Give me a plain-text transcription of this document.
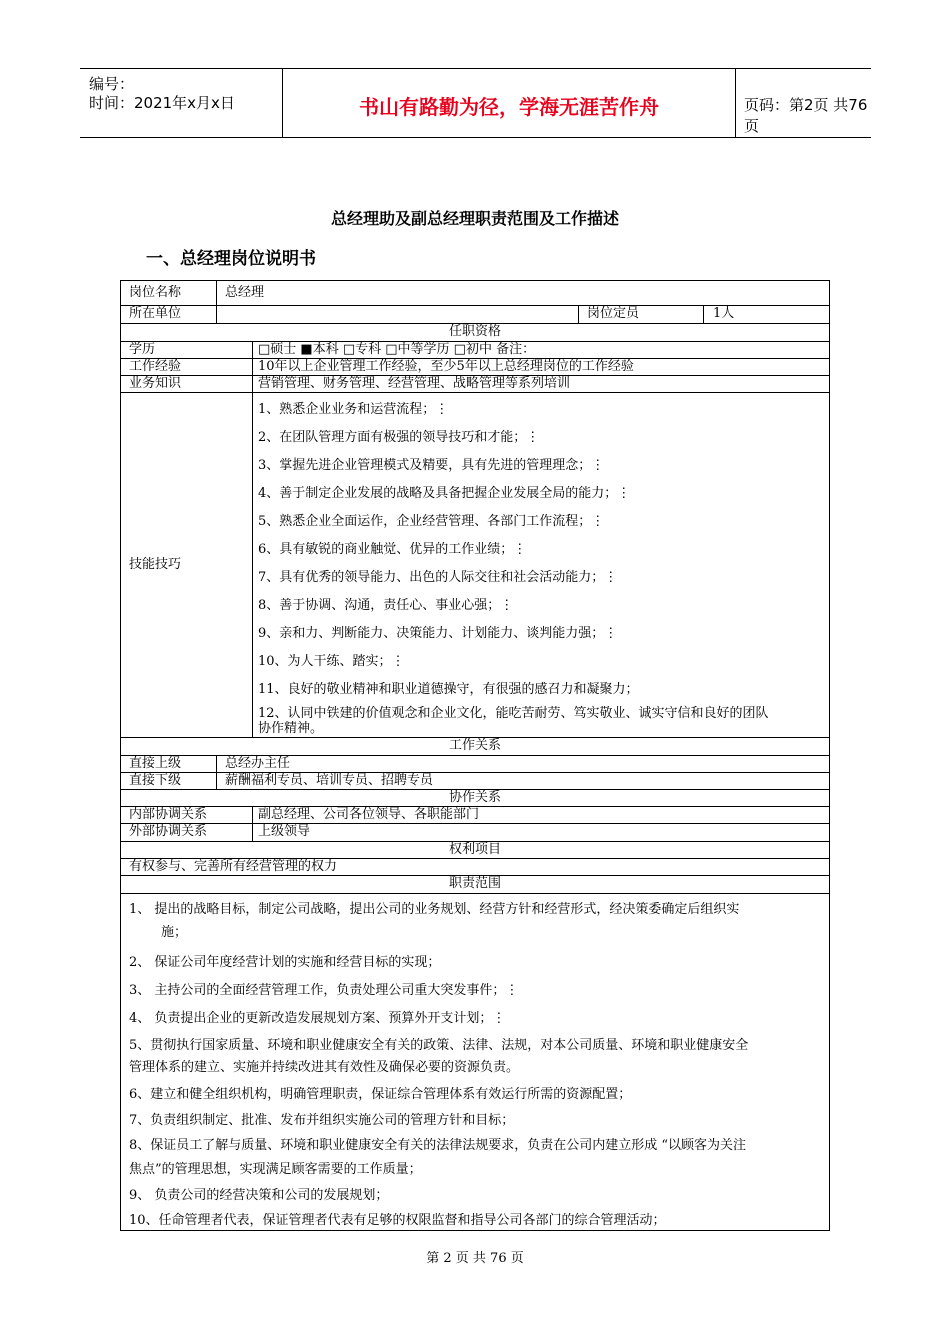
编号：
时间：2021年x月x日	书山有路勤为径，学海无涯苦作舟	页码：第2页 共76页
总经理助及副总经理职责范围及工作描述
一、总经理岗位说明书
岗位名称	总经理
所在单位	岗位定员	1人
任职资格
学历	□硕士 ■本科 □专科 □中等学历 □初中 备注：
工作经验	10年以上企业管理工作经验，至少5年以上总经理岗位的工作经验
业务知识	营销管理、财务管理、经营管理、战略管理等系列培训
技能技巧
1、熟悉企业业务和运营流程；⋮
2、在团队管理方面有极强的领导技巧和才能；⋮
3、掌握先进企业管理模式及精要，具有先进的管理理念；⋮
4、善于制定企业发展的战略及具备把握企业发展全局的能力；⋮
5、熟悉企业全面运作，企业经营管理、各部门工作流程；⋮
6、具有敏锐的商业触觉、优异的工作业绩；⋮
7、具有优秀的领导能力、出色的人际交往和社会活动能力；⋮
8、善于协调、沟通，责任心、事业心强；⋮
9、亲和力、判断能力、决策能力、计划能力、谈判能力强；⋮
10、为人干练、踏实；⋮
11、良好的敬业精神和职业道德操守，有很强的感召力和凝聚力；
12、认同中铁建的价值观念和企业文化，能吃苦耐劳、笃实敬业、诚实守信和良好的团队
协作精神。
工作关系
直接上级	总经办主任
直接下级	薪酬福利专员、培训专员、招聘专员
协作关系
内部协调关系	副总经理、公司各位领导、各职能部门
外部协调关系	上级领导
权利项目
有权参与、完善所有经营管理的权力
职责范围
1、 提出的战略目标，制定公司战略，提出公司的业务规划、经营方针和经营形式，经决策委确定后组织实
施；
2、 保证公司年度经营计划的实施和经营目标的实现；
3、 主持公司的全面经营管理工作，负责处理公司重大突发事件；⋮
4、 负责提出企业的更新改造发展规划方案、预算外开支计划；⋮
5、贯彻执行国家质量、环境和职业健康安全有关的政策、法律、法规，对本公司质量、环境和职业健康安全
管理体系的建立、实施并持续改进其有效性及确保必要的资源负责。
6、建立和健全组织机构，明确管理职责，保证综合管理体系有效运行所需的资源配置；
7、负责组织制定、批准、发布并组织实施公司的管理方针和目标；
8、保证员工了解与质量、环境和职业健康安全有关的法律法规要求，负责在公司内建立形成 “以顾客为关注
焦点”的管理思想，实现满足顾客需要的工作质量；
9、 负责公司的经营决策和公司的发展规划；
10、任命管理者代表，保证管理者代表有足够的权限监督和指导公司各部门的综合管理活动；
第 2 页 共 76 页
